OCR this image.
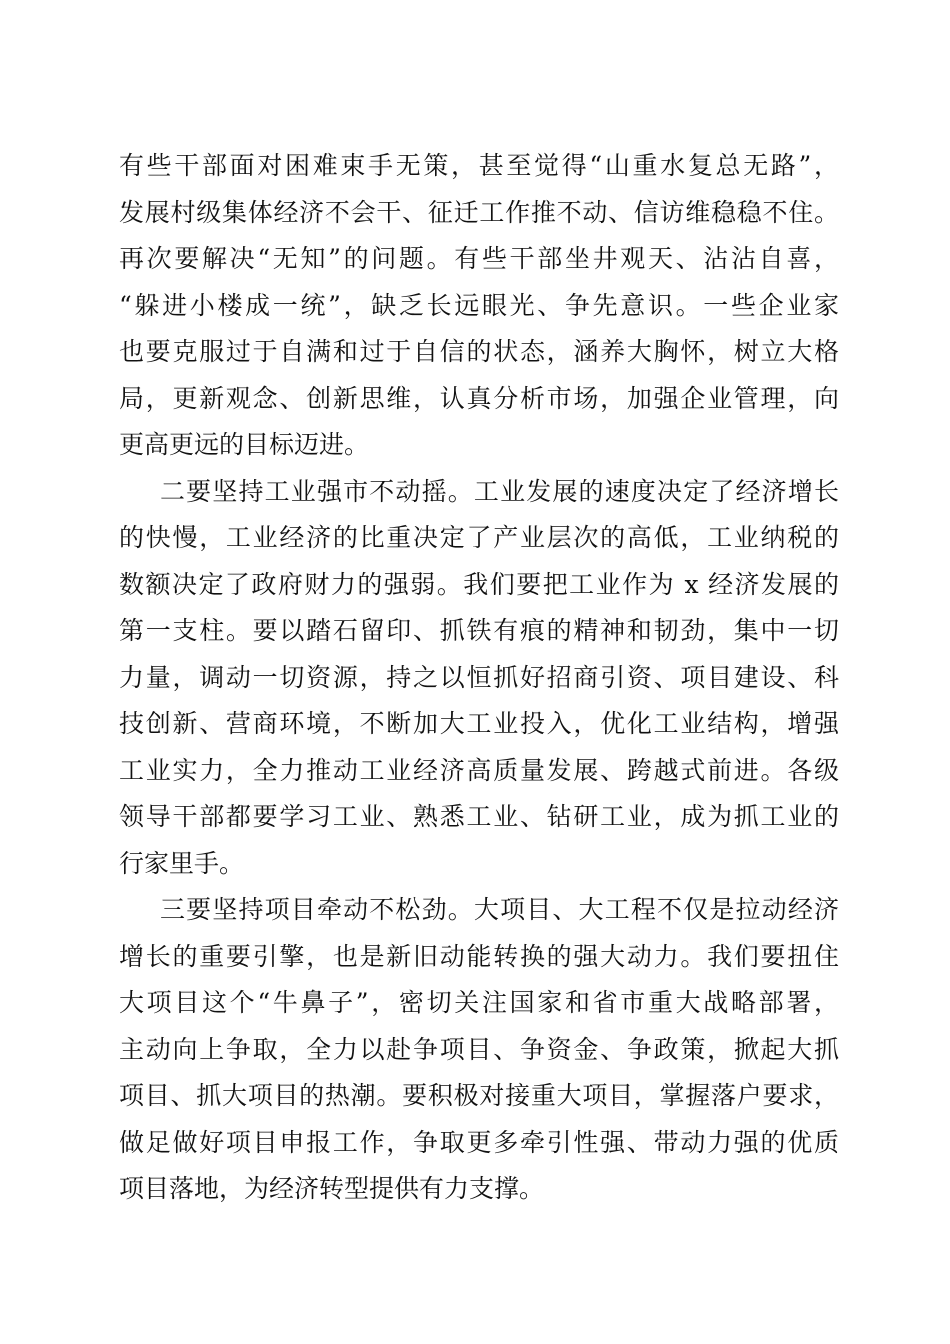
有些干部面对困难束手无策，甚至觉得“山重水复总无路”，
发展村级集体经济不会干、征迁工作推不动、信访维稳稳不住。
再次要解决“无知”的问题。有些干部坐井观天、沾沾自喜，
“躲进小楼成一统”，缺乏长远眼光、争先意识。一些企业家
也要克服过于自满和过于自信的状态，涵养大胸怀，树立大格
局，更新观念、创新思维，认真分析市场，加强企业管理，向
更高更远的目标迈进。
二要坚持工业强市不动摇。工业发展的速度决定了经济增长
的快慢，工业经济的比重决定了产业层次的高低，工业纳税的
数额决定了政府财力的强弱。我们要把工业作为 x 经济发展的
第一支柱。要以踏石留印、抓铁有痕的精神和韧劲，集中一切
力量，调动一切资源，持之以恒抓好招商引资、项目建设、科
技创新、营商环境，不断加大工业投入，优化工业结构，增强
工业实力，全力推动工业经济高质量发展、跨越式前进。各级
领导干部都要学习工业、熟悉工业、钻研工业，成为抓工业的
行家里手。
三要坚持项目牵动不松劲。大项目、大工程不仅是拉动经济
增长的重要引擎，也是新旧动能转换的强大动力。我们要扭住
大项目这个“牛鼻子”，密切关注国家和省市重大战略部署，
主动向上争取，全力以赴争项目、争资金、争政策，掀起大抓
项目、抓大项目的热潮。要积极对接重大项目，掌握落户要求，
做足做好项目申报工作，争取更多牵引性强、带动力强的优质
项目落地，为经济转型提供有力支撑。
